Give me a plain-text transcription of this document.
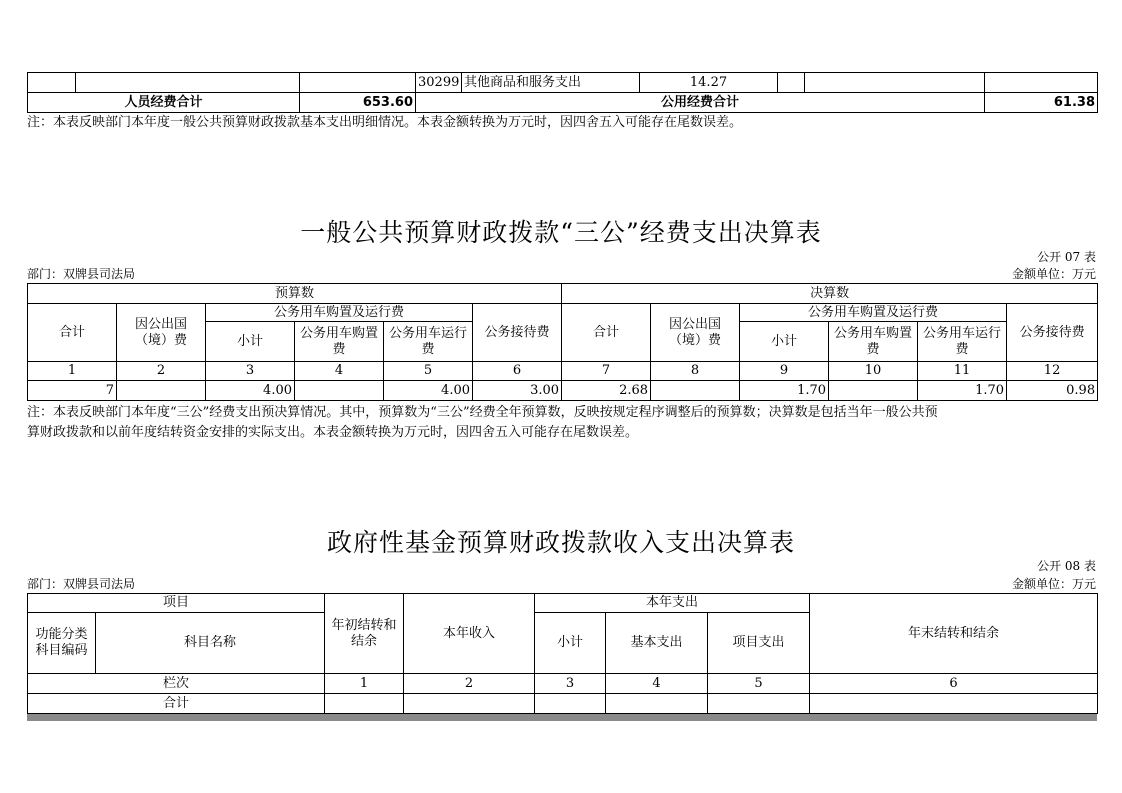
			30299	其他商品和服务支出	14.27			
人员经费合计		653.60	公用经费合计					61.38
注：本表反映部门本年度一般公共预算财政拨款基本支出明细情况。本表金额转换为万元时，因四舍五入可能存在尾数误差。
一般公共预算财政拨款“三公”经费支出决算表
公开 07 表
部门：双牌县司法局	金额单位：万元
预算数						决算数					
合计	因公出国（境）费	公务用车购置及运行费			公务接待费	合计	因公出国（境）费	公务用车购置及运行费			公务接待费
		小计	公务用车购置费	公务用车运行费				小计	公务用车购置费	公务用车运行费	
1	2	3	4	5	6	7	8	9	10	11	12
7		4.00		4.00	3.00	2.68		1.70		1.70	0.98
注：本表反映部门本年度“三公”经费支出预决算情况。其中，预算数为“三公”经费全年预算数，反映按规定程序调整后的预算数；决算数是包括当年一般公共预
算财政拨款和以前年度结转资金安排的实际支出。本表金额转换为万元时，因四舍五入可能存在尾数误差。
政府性基金预算财政拨款收入支出决算表
公开 08 表
部门：双牌县司法局	金额单位：万元
项目		年初结转和结余	本年收入	本年支出			年末结转和结余
功能分类科目编码	科目名称			小计	基本支出	项目支出	
栏次		1	2	3	4	5	6
合计							
